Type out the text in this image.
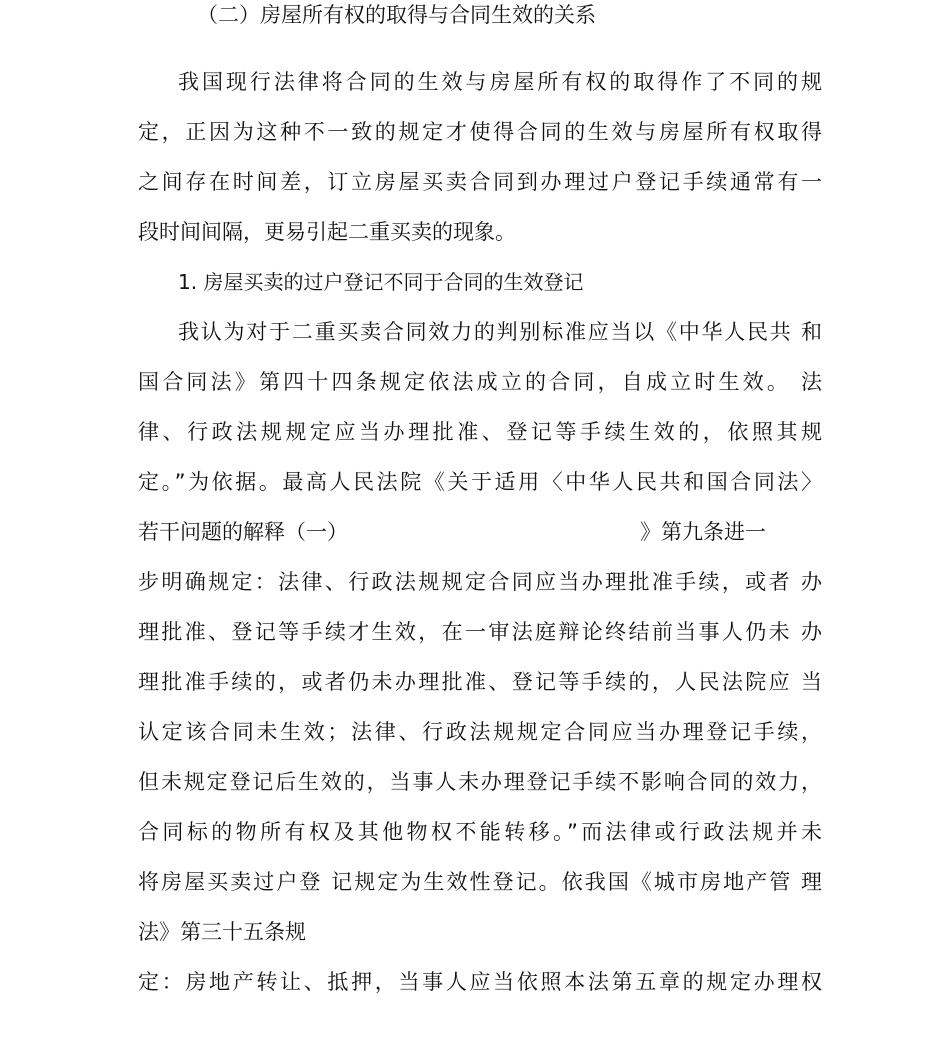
（二）房屋所有权的取得与合同生效的关系

我国现行法律将合同的生效与房屋所有权的取得作了不同的规

定，正因为这种不一致的规定才使得合同的生效与房屋所有权取得

之间存在时间差，订立房屋买卖合同到办理过户登记手续通常有一

段时间间隔，更易引起二重买卖的现象。

1. 房屋买卖的过户登记不同于合同的生效登记

我认为对于二重买卖合同效力的判别标准应当以《中华人民共 和

国合同法》第四十四条规定依法成立的合同，自成立时生效。 法

律、行政法规规定应当办理批准、登记等手续生效的，依照其规

定。”为依据。最高人民法院《关于适用〈中华人民共和国合同法〉

若干问题的解释（一）	》第九条进一

步明确规定：法律、行政法规规定合同应当办理批准手续，或者 办

理批准、登记等手续才生效，在一审法庭辩论终结前当事人仍未 办

理批准手续的，或者仍未办理批准、登记等手续的，人民法院应 当

认定该合同未生效；法律、行政法规规定合同应当办理登记手续，

但未规定登记后生效的，当事人未办理登记手续不影响合同的效力，

合同标的物所有权及其他物权不能转移。”而法律或行政法规并未

将房屋买卖过户登 记规定为生效性登记。依我国《城市房地产管 理

法》第三十五条规

定：房地产转让、抵押，当事人应当依照本法第五章的规定办理权
